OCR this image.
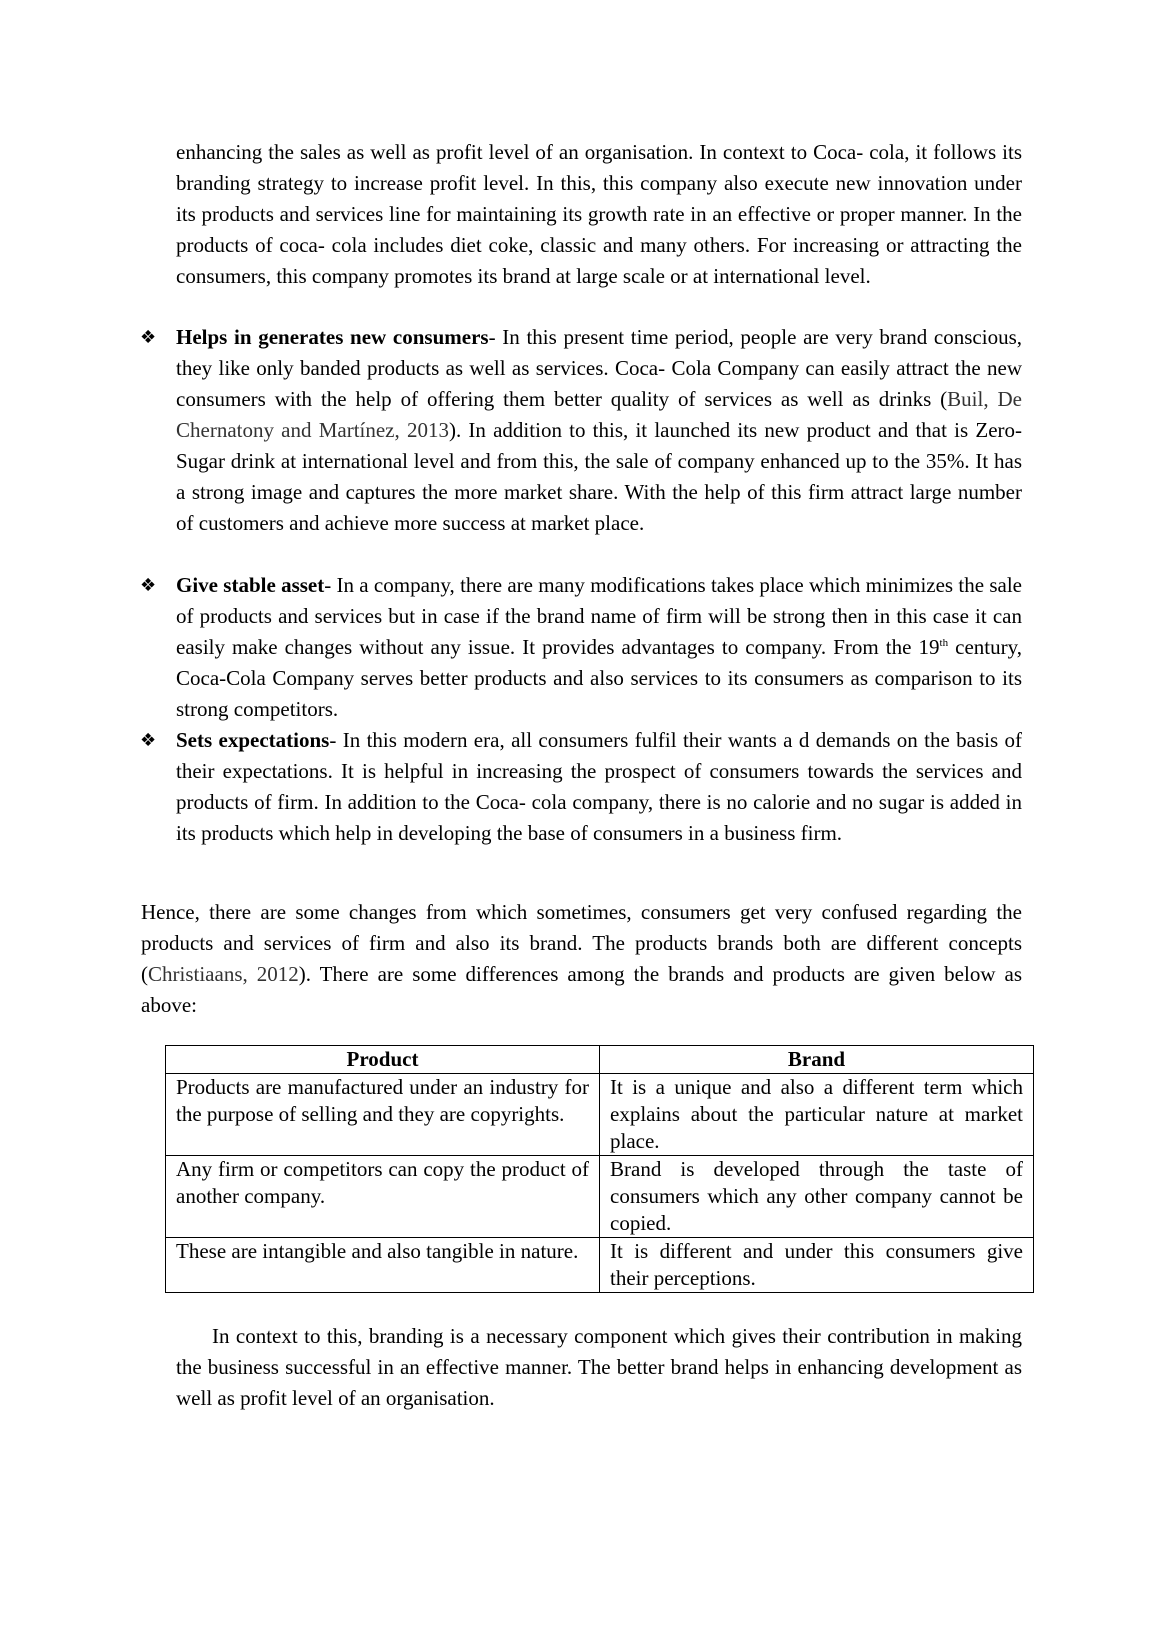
enhancing the sales as well as profit level of an organisation. In context to Coca- cola, it follows its branding strategy to increase profit level. In this, this company also execute new innovation under its products and services line for maintaining its growth rate in an effective or proper manner. In the products of coca- cola includes diet coke, classic and many others. For increasing or attracting the consumers, this company promotes its brand at large scale or at international level.
❖ Helps in generates new consumers- In this present time period, people are very brand conscious, they like only banded products as well as services. Coca- Cola Company can easily attract the new consumers with the help of offering them better quality of services as well as drinks (Buil, De Chernatony and Martínez, 2013). In addition to this, it launched its new product and that is Zero- Sugar drink at international level and from this, the sale of company enhanced up to the 35%. It has a strong image and captures the more market share. With the help of this firm attract large number of customers and achieve more success at market place.
❖ Give stable asset- In a company, there are many modifications takes place which minimizes the sale of products and services but in case if the brand name of firm will be strong then in this case it can easily make changes without any issue. It provides advantages to company. From the 19th century, Coca-Cola Company serves better products and also services to its consumers as comparison to its strong competitors.
❖ Sets expectations- In this modern era, all consumers fulfil their wants a d demands on the basis of their expectations. It is helpful in increasing the prospect of consumers towards the services and products of firm. In addition to the Coca- cola company, there is no calorie and no sugar is added in its products which help in developing the base of consumers in a business firm.
Hence, there are some changes from which sometimes, consumers get very confused regarding the products and services of firm and also its brand. The products brands both are different concepts (Christiaans, 2012). There are some differences among the brands and products are given below as above:
Product	Brand
Products are manufactured under an industry for the purpose of selling and they are copyrights.	It is a unique and also a different term which explains about the particular nature at market place.
Any firm or competitors can copy the product of another company.	Brand is developed through the taste of consumers which any other company cannot be copied.
These are intangible and also tangible in nature.	It is different and under this consumers give their perceptions.
In context to this, branding is a necessary component which gives their contribution in making the business successful in an effective manner. The better brand helps in enhancing development as well as profit level of an organisation.
